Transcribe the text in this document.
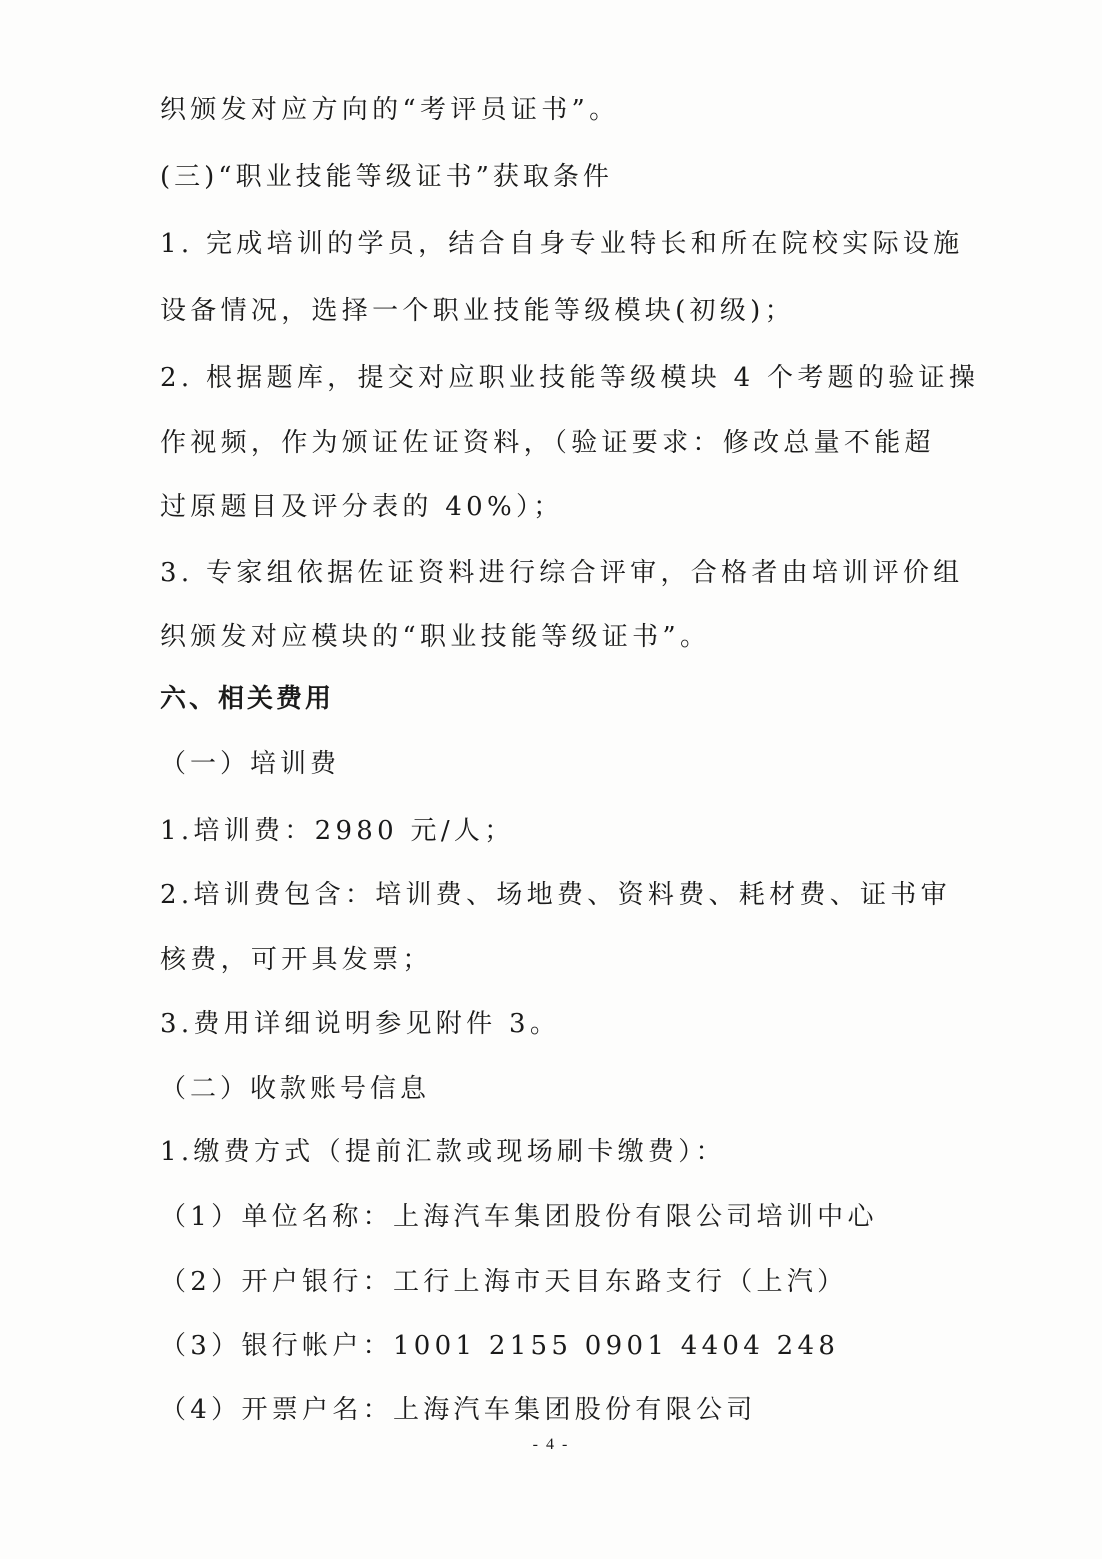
织颁发对应方向的“考评员证书”。
(三)“职业技能等级证书”获取条件
1. 完成培训的学员，结合自身专业特长和所在院校实际设施
设备情况，选择一个职业技能等级模块(初级)；
2. 根据题库，提交对应职业技能等级模块 4 个考题的验证操
作视频，作为颁证佐证资料，（验证要求：修改总量不能超
过原题目及评分表的 40%）；
3. 专家组依据佐证资料进行综合评审，合格者由培训评价组
织颁发对应模块的“职业技能等级证书”。
六、相关费用
（一）培训费
1.培训费：2980 元/人；
2.培训费包含：培训费、场地费、资料费、耗材费、证书审
核费，可开具发票；
3.费用详细说明参见附件 3。
（二）收款账号信息
1.缴费方式（提前汇款或现场刷卡缴费）：
（1）单位名称：上海汽车集团股份有限公司培训中心
（2）开户银行：工行上海市天目东路支行（上汽）
（3）银行帐户：1001 2155 0901 4404 248
（4）开票户名：上海汽车集团股份有限公司
- 4 -
